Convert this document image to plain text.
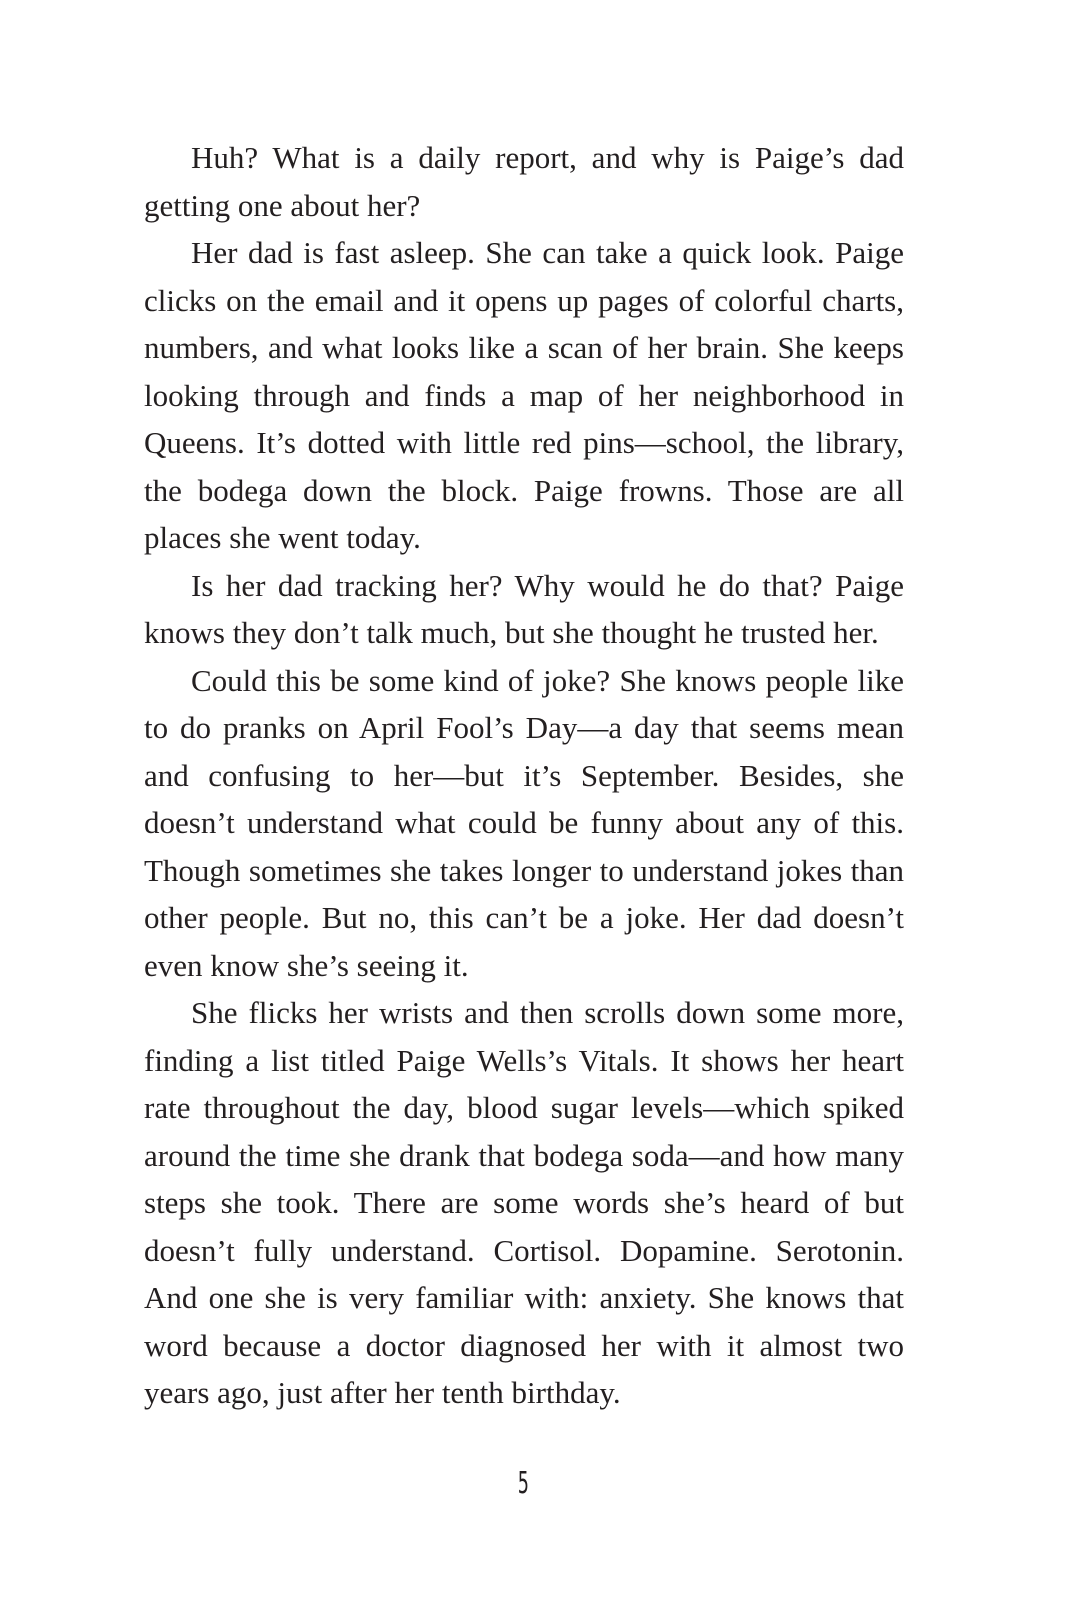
Huh? What is a daily report, and why is Paige’s dad getting one about her?

Her dad is fast asleep. She can take a quick look. Paige clicks on the email and it opens up pages of colorful charts, numbers, and what looks like a scan of her brain. She keeps looking through and finds a map of her neighborhood in Queens. It’s dotted with little red pins—school, the library, the bodega down the block. Paige frowns. Those are all places she went today.

Is her dad tracking her? Why would he do that? Paige knows they don’t talk much, but she thought he trusted her.

Could this be some kind of joke? She knows people like to do pranks on April Fool’s Day—a day that seems mean and confusing to her—but it’s September. Besides, she doesn’t understand what could be funny about any of this. Though sometimes she takes longer to understand jokes than other people. But no, this can’t be a joke. Her dad doesn’t even know she’s seeing it.

She flicks her wrists and then scrolls down some more, finding a list titled Paige Wells’s Vitals. It shows her heart rate throughout the day, blood sugar levels—which spiked around the time she drank that bodega soda—and how many steps she took. There are some words she’s heard of but doesn’t fully understand. Cortisol. Dopamine. Serotonin. And one she is very familiar with: anxiety. She knows that word because a doctor diagnosed her with it almost two years ago, just after her tenth birthday.

5
